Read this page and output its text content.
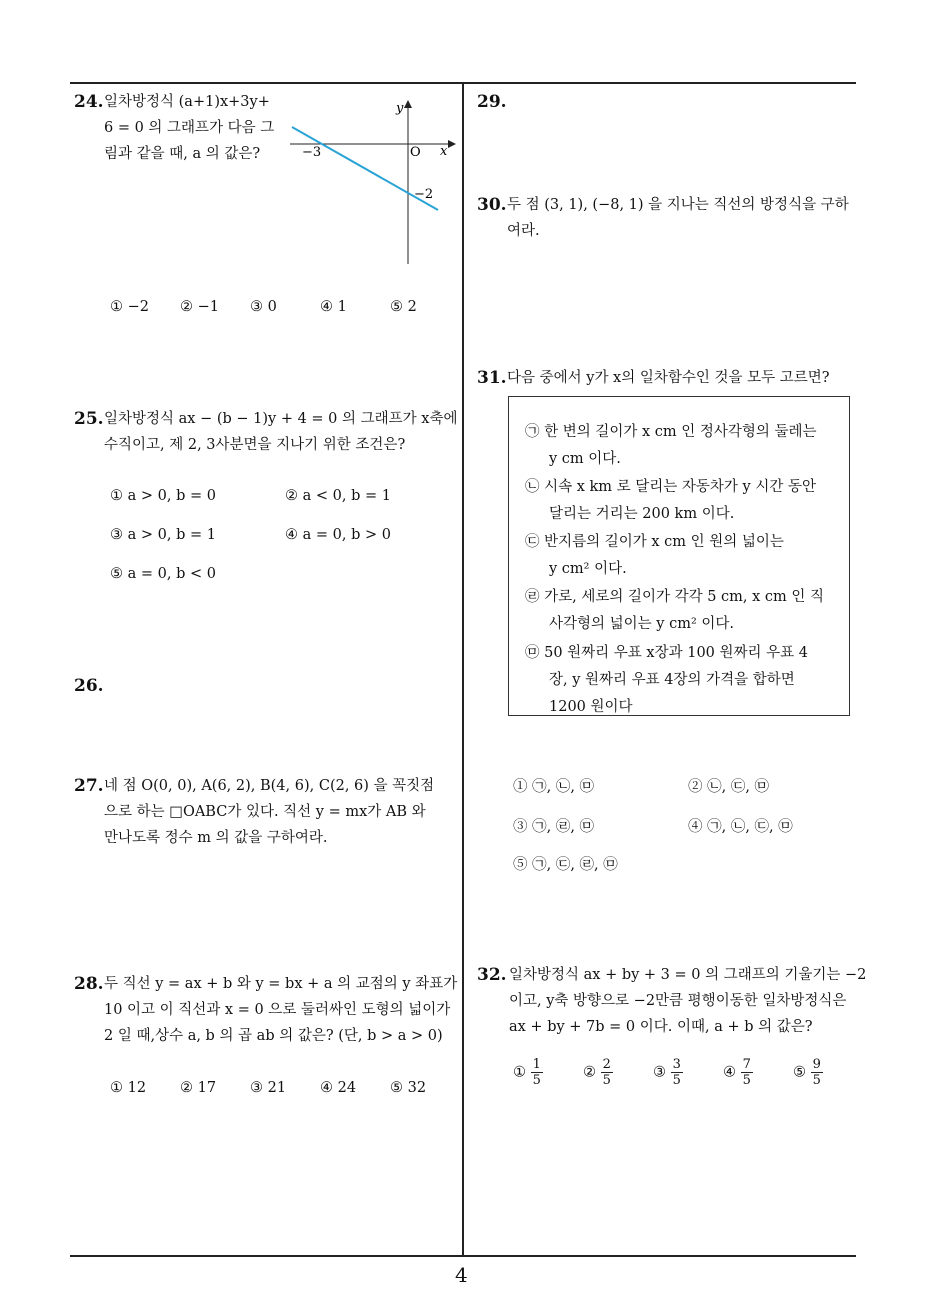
4
24. 일차방정식 (a+1)x+3y+
6 = 0 의 그래프가 다음 그
림과 같을 때, a 의 값은?
y
x
O
−3
−2
① −2 ② −1 ③ 0	④ 1	⑤ 2
25. 일차방정식 ax − (b − 1)y + 4 = 0 의 그래프가 x축에
수직이고, 제 2, 3사분면을 지나기 위한 조건은?
① a > 0, b = 0	② a < 0, b = 1
③ a > 0, b = 1	④ a = 0, b > 0
⑤ a = 0, b < 0
26.
27. 네 점 O(0, 0), A(6, 2), B(4, 6), C(2, 6) 을 꼭짓점
으로 하는 □OABC가 있다. 직선 y = mx가 AB 와
만나도록 정수 m 의 값을 구하여라.
28. 두 직선 y = ax + b 와 y = bx + a 의 교점의 y 좌표가
10 이고 이 직선과 x = 0 으로 둘러싸인 도형의 넓이가
2 일 때,상수 a, b 의 곱 ab 의 값은? (단, b > a > 0)
① 12 ② 17 ③ 21 ④ 24 ⑤ 32
29.
30. 두 점 (3, 1), (−8, 1) 을 지나는 직선의 방정식을 구하
여라.
31. 다음 중에서 y가 x의 일차함수인 것을 모두 고르면?
㉠ 한 변의 길이가 x cm 인 정사각형의 둘레는
y cm 이다.
㉡ 시속 x km 로 달리는 자동차가 y 시간 동안
달리는 거리는 200 km 이다.
㉢ 반지름의 길이가 x cm 인 원의 넓이는
y cm² 이다.
㉣ 가로, 세로의 길이가 각각 5 cm, x cm 인 직
사각형의 넓이는 y cm² 이다.
㉤ 50 원짜리 우표 x장과 100 원짜리 우표 4
장, y 원짜리 우표 4장의 가격을 합하면
1200 원이다
① ㉠, ㉡, ㉤	② ㉡, ㉢, ㉤
③ ㉠, ㉣, ㉤	④ ㉠, ㉡, ㉢, ㉤
⑤ ㉠, ㉢, ㉣, ㉤
32. 일차방정식 ax + by + 3 = 0 의 그래프의 기울기는 −2
이고, y축 방향으로 −2만큼 평행이동한 일차방정식은
ax + by + 7b = 0 이다. 이때, a + b 의 값은?
① $\frac{1}{5}$	② $\frac{2}{5}$	③ $\frac{3}{5}$	④ $\frac{7}{5}$	⑤ $\frac{9}{5}$
